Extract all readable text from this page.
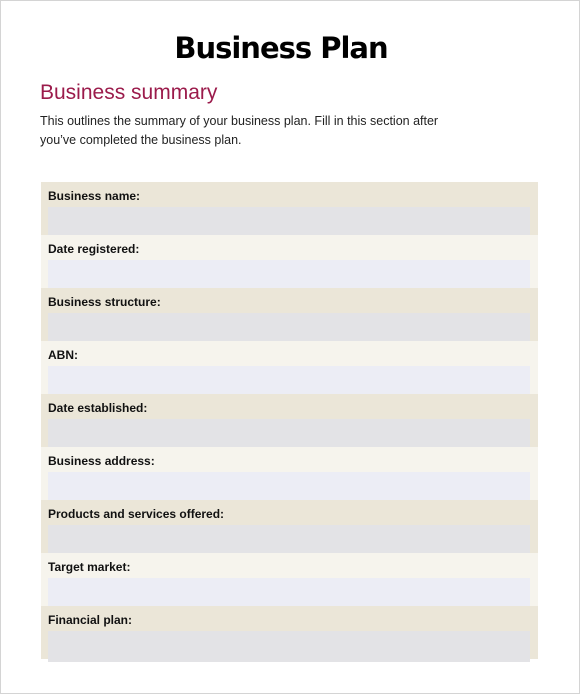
Business Plan
Business summary
This outlines the summary of your business plan. Fill in this section after
you’ve completed the business plan.
Business name:
Date registered:
Business structure:
ABN:
Date established:
Business address:
Products and services offered:
Target market:
Financial plan:
